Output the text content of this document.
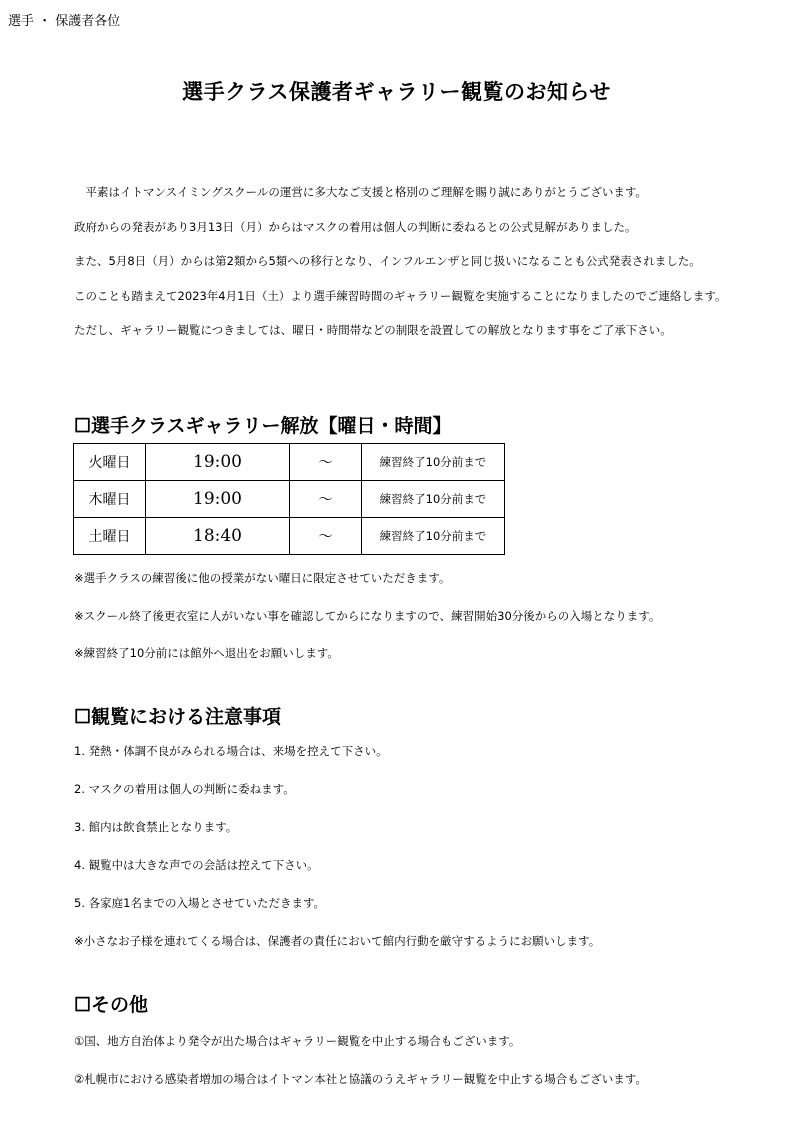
選手 ・ 保護者各位
選手クラス保護者ギャラリー観覧のお知らせ
　平素はイトマンスイミングスクールの運営に多大なご支援と格別のご理解を賜り誠にありがとうございます。
政府からの発表があり3月13日（月）からはマスクの着用は個人の判断に委ねるとの公式見解がありました。
また、5月8日（月）からは第2類から5類への移行となり、インフルエンザと同じ扱いになることも公式発表されました。
このことも踏まえて2023年4月1日（土）より選手練習時間のギャラリー観覧を実施することになりましたのでご連絡します。
ただし、ギャラリー観覧につきましては、曜日・時間帯などの制限を設置しての解放となります事をご了承下さい。
☐選手クラスギャラリー解放【曜日・時間】
火曜日	19:00	～	練習終了10分前まで
木曜日	19:00	～	練習終了10分前まで
土曜日	18:40	～	練習終了10分前まで
※選手クラスの練習後に他の授業がない曜日に限定させていただきます。
※スクール終了後更衣室に人がいない事を確認してからになりますので、練習開始30分後からの入場となります。
※練習終了10分前には館外へ退出をお願いします。
☐観覧における注意事項
1. 発熱・体調不良がみられる場合は、来場を控えて下さい。
2. マスクの着用は個人の判断に委ねます。
3. 館内は飲食禁止となります。
4. 観覧中は大きな声での会話は控えて下さい。
5. 各家庭1名までの入場とさせていただきます。
※小さなお子様を連れてくる場合は、保護者の責任において館内行動を厳守するようにお願いします。
☐その他
①国、地方自治体より発令が出た場合はギャラリー観覧を中止する場合もございます。
②札幌市における感染者増加の場合はイトマン本社と協議のうえギャラリー観覧を中止する場合もございます。
